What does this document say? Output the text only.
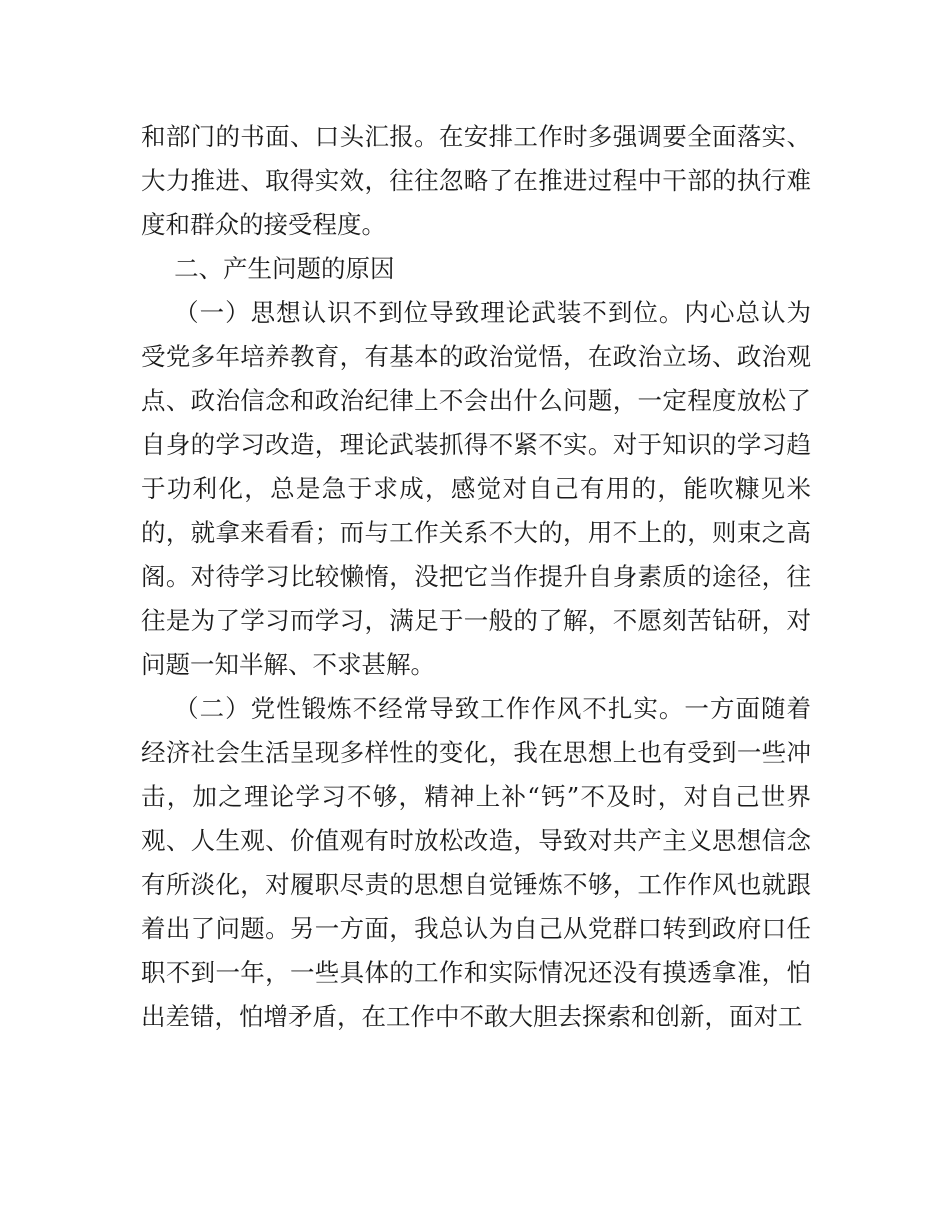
和部门的书面、口头汇报。在安排工作时多强调要全面落实、大力推进、取得实效，往往忽略了在推进过程中干部的执行难度和群众的接受程度。

二、产生问题的原因

（一）思想认识不到位导致理论武装不到位。内心总认为受党多年培养教育，有基本的政治觉悟，在政治立场、政治观点、政治信念和政治纪律上不会出什么问题，一定程度放松了自身的学习改造，理论武装抓得不紧不实。对于知识的学习趋于功利化，总是急于求成，感觉对自己有用的，能吹糠见米的，就拿来看看；而与工作关系不大的，用不上的，则束之高阁。对待学习比较懒惰，没把它当作提升自身素质的途径，往往是为了学习而学习，满足于一般的了解，不愿刻苦钻研，对问题一知半解、不求甚解。

（二）党性锻炼不经常导致工作作风不扎实。一方面随着经济社会生活呈现多样性的变化，我在思想上也有受到一些冲击，加之理论学习不够，精神上补“钙”不及时，对自己世界观、人生观、价值观有时放松改造，导致对共产主义思想信念有所淡化，对履职尽责的思想自觉锤炼不够，工作作风也就跟着出了问题。另一方面，我总认为自己从党群口转到政府口任职不到一年，一些具体的工作和实际情况还没有摸透拿准，怕出差错，怕增矛盾，在工作中不敢大胆去探索和创新，面对工
